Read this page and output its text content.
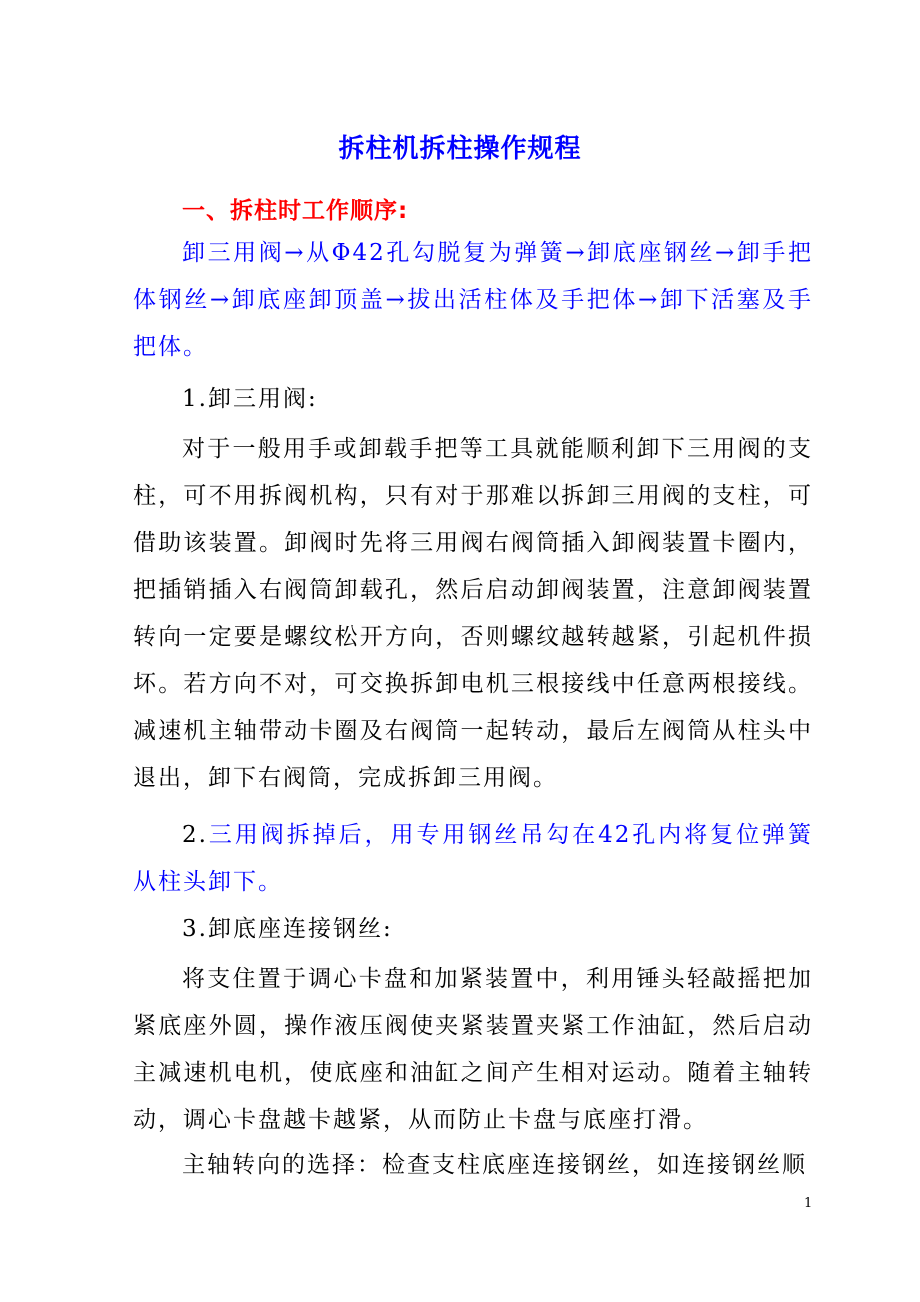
拆柱机拆柱操作规程
一、拆柱时工作顺序:
卸三用阀→从Φ42孔勾脱复为弹簧→卸底座钢丝→卸手把体钢丝→卸底座卸顶盖→拔出活柱体及手把体→卸下活塞及手把体。
1.卸三用阀:
对于一般用手或卸载手把等工具就能顺利卸下三用阀的支柱，可不用拆阀机构，只有对于那难以拆卸三用阀的支柱，可借助该装置。卸阀时先将三用阀右阀筒插入卸阀装置卡圈内，把插销插入右阀筒卸载孔，然后启动卸阀装置，注意卸阀装置转向一定要是螺纹松开方向，否则螺纹越转越紧，引起机件损坏。若方向不对，可交换拆卸电机三根接线中任意两根接线。减速机主轴带动卡圈及右阀筒一起转动，最后左阀筒从柱头中退出，卸下右阀筒，完成拆卸三用阀。
2.三用阀拆掉后，用专用钢丝吊勾在42孔内将复位弹簧从柱头卸下。
3.卸底座连接钢丝:
将支住置于调心卡盘和加紧装置中，利用锤头轻敲摇把加紧底座外圆，操作液压阀使夹紧装置夹紧工作油缸，然后启动主减速机电机，使底座和油缸之间产生相对运动。随着主轴转动，调心卡盘越卡越紧，从而防止卡盘与底座打滑。
主轴转向的选择：检查支柱底座连接钢丝，如连接钢丝顺
1
